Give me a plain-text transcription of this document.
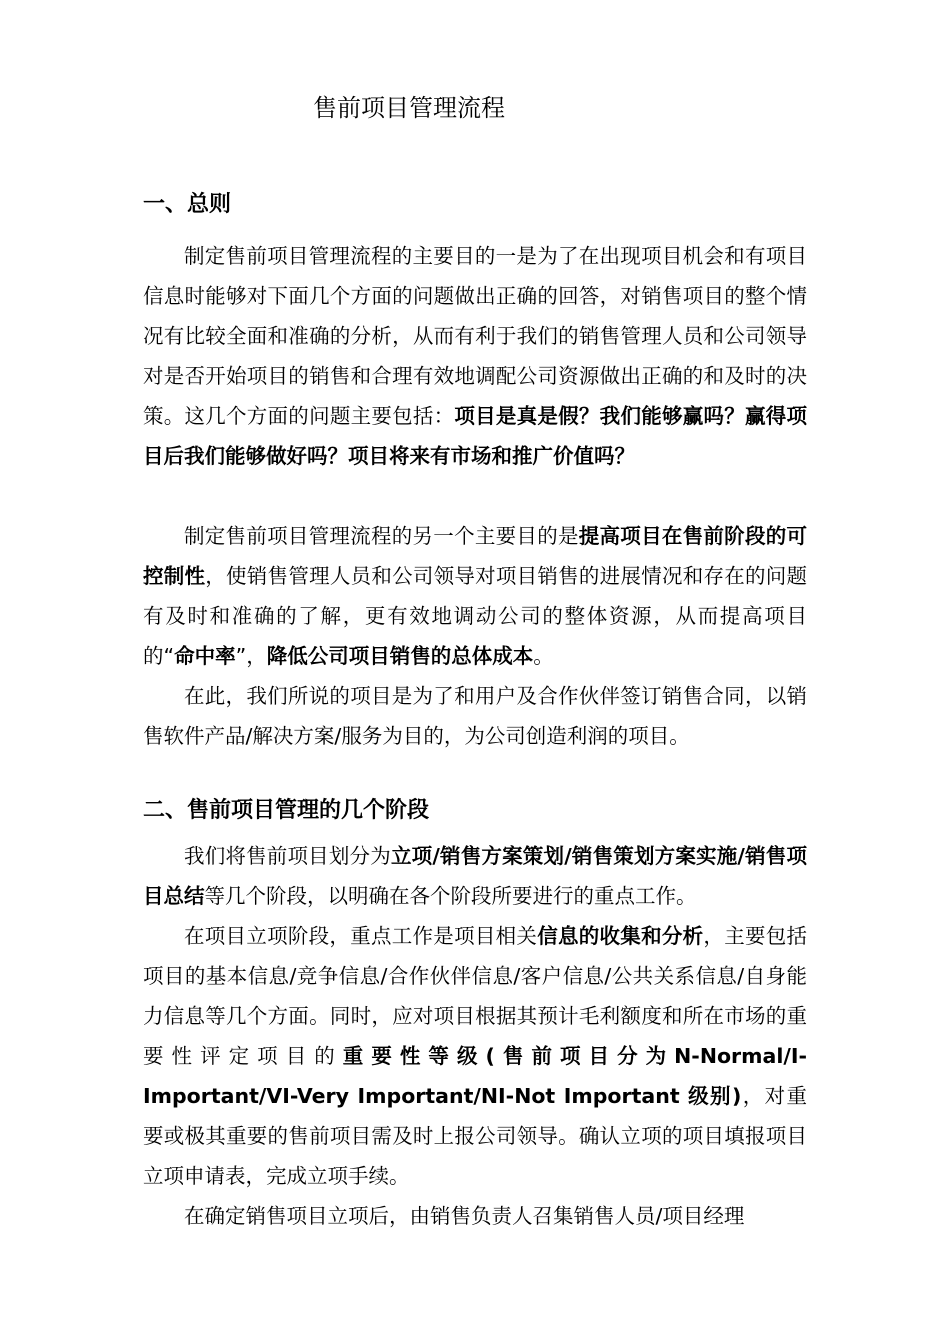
售前项目管理流程
一、总则

制定售前项目管理流程的主要目的一是为了在出现项目机会和有项目信息时能够对下面几个方面的问题做出正确的回答，对销售项目的整个情况有比较全面和准确的分析，从而有利于我们的销售管理人员和公司领导对是否开始项目的销售和合理有效地调配公司资源做出正确的和及时的决策。这几个方面的问题主要包括：项目是真是假？我们能够赢吗？赢得项目后我们能够做好吗？项目将来有市场和推广价值吗？

制定售前项目管理流程的另一个主要目的是提高项目在售前阶段的可控制性，使销售管理人员和公司领导对项目销售的进展情况和存在的问题有及时和准确的了解，更有效地调动公司的整体资源，从而提高项目的“命中率”，降低公司项目销售的总体成本。

在此，我们所说的项目是为了和用户及合作伙伴签订销售合同，以销售软件产品/解决方案/服务为目的，为公司创造利润的项目。

二、售前项目管理的几个阶段

我们将售前项目划分为立项/销售方案策划/销售策划方案实施/销售项目总结等几个阶段，以明确在各个阶段所要进行的重点工作。

在项目立项阶段，重点工作是项目相关信息的收集和分析，主要包括项目的基本信息/竞争信息/合作伙伴信息/客户信息/公共关系信息/自身能力信息等几个方面。同时，应对项目根据其预计毛利额度和所在市场的重要性评定项目的重要性等级(售前项目分为N-Normal/I-Important/VI-Very Important/NI-Not Important 级别)，对重要或极其重要的售前项目需及时上报公司领导。确认立项的项目填报项目立项申请表，完成立项手续。

在确定销售项目立项后，由销售负责人召集销售人员/项目经理
